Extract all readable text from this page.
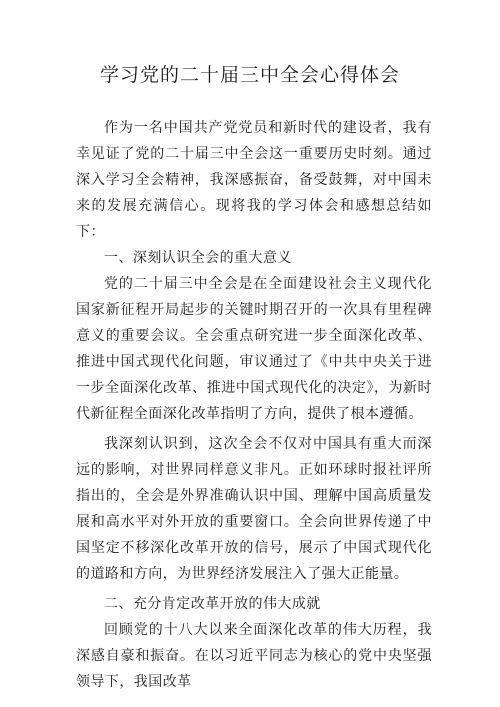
学习党的二十届三中全会心得体会

作为一名中国共产党党员和新时代的建设者，我有幸见证了党的二十届三中全会这一重要历史时刻。通过深入学习全会精神，我深感振奋，备受鼓舞，对中国未来的发展充满信心。现将我的学习体会和感想总结如下：

一、深刻认识全会的重大意义

党的二十届三中全会是在全面建设社会主义现代化国家新征程开局起步的关键时期召开的一次具有里程碑意义的重要会议。全会重点研究进一步全面深化改革、推进中国式现代化问题，审议通过了《中共中央关于进一步全面深化改革、推进中国式现代化的决定》，为新时代新征程全面深化改革指明了方向，提供了根本遵循。

我深刻认识到，这次全会不仅对中国具有重大而深远的影响，对世界同样意义非凡。正如环球时报社评所指出的，全会是外界准确认识中国、理解中国高质量发展和高水平对外开放的重要窗口。全会向世界传递了中国坚定不移深化改革开放的信号，展示了中国式现代化的道路和方向，为世界经济发展注入了强大正能量。

二、充分肯定改革开放的伟大成就

回顾党的十八大以来全面深化改革的伟大历程，我深感自豪和振奋。在以习近平同志为核心的党中央坚强领导下，我国改革
